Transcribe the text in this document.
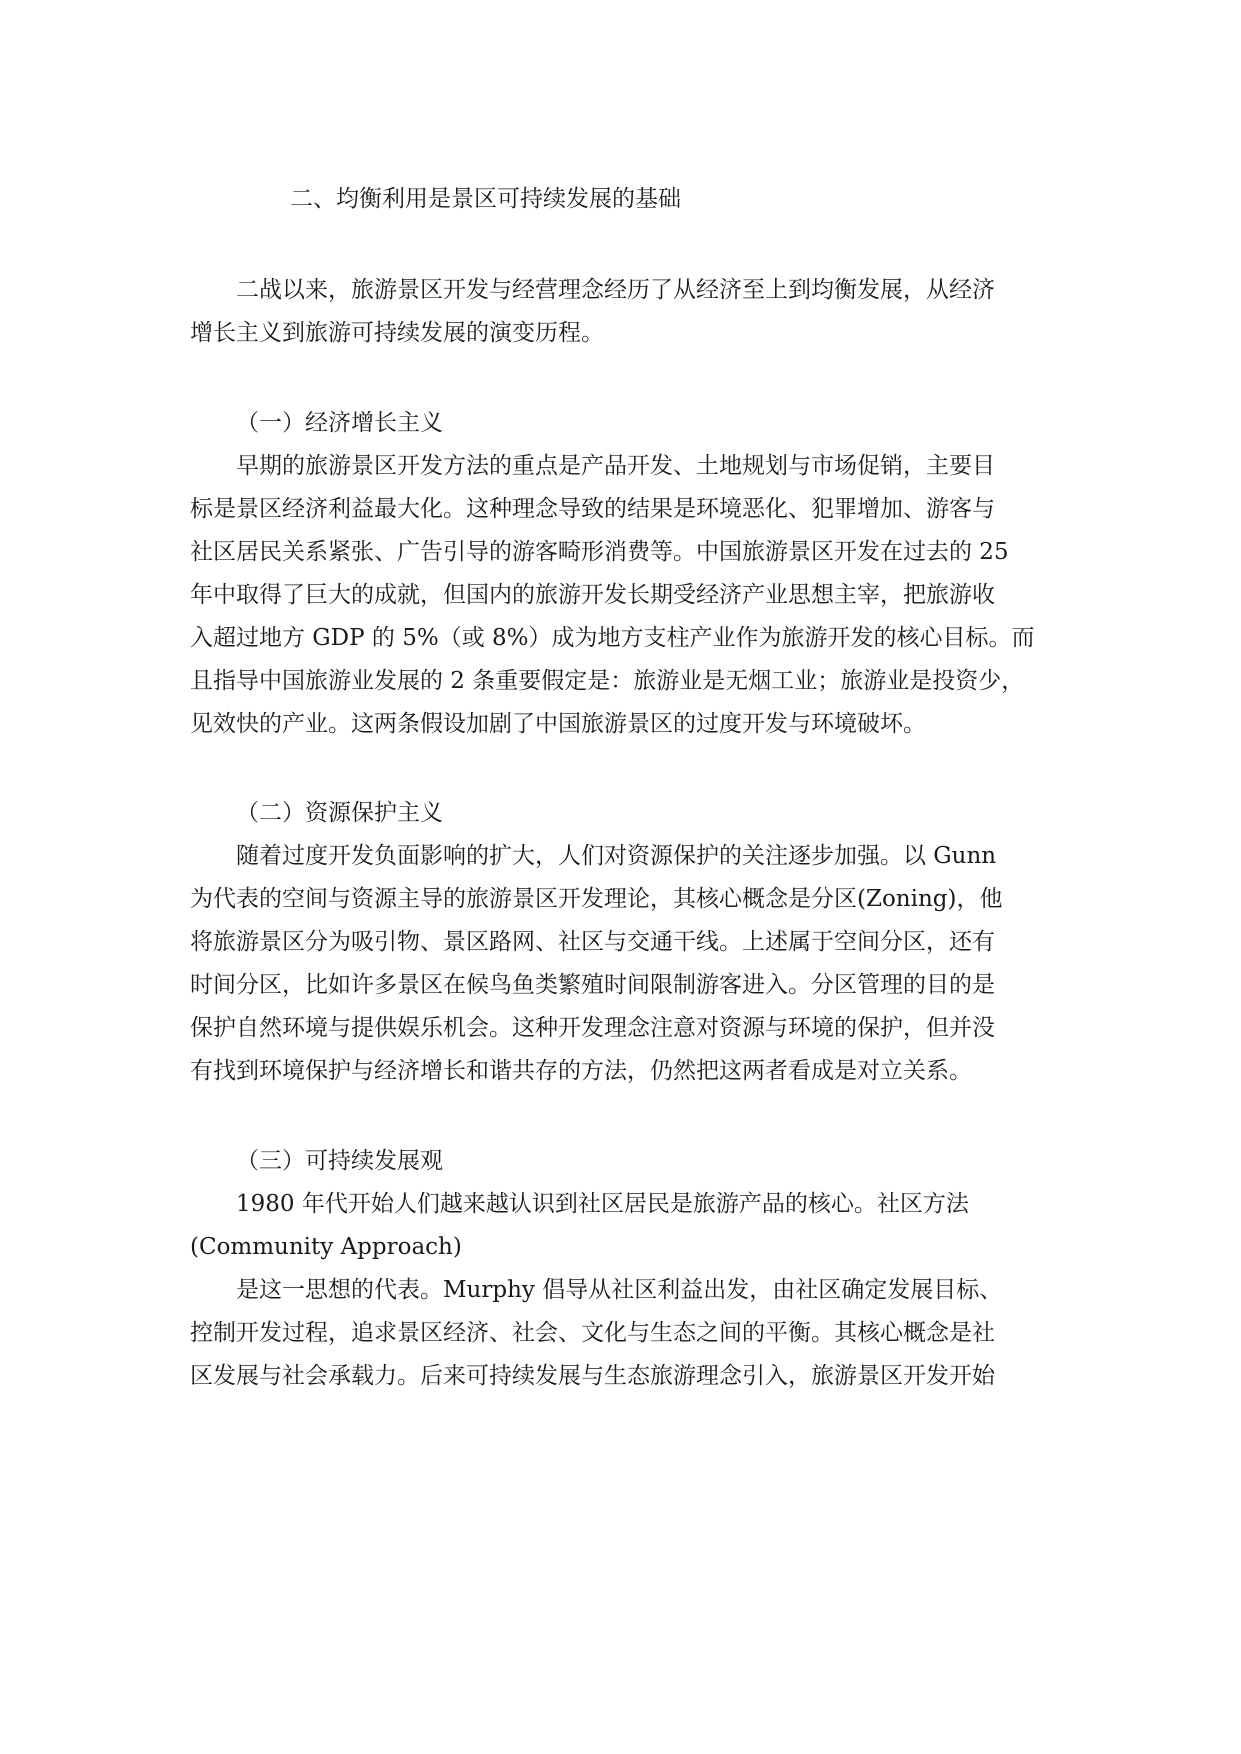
二、均衡利用是景区可持续发展的基础
二战以来，旅游景区开发与经营理念经历了从经济至上到均衡发展，从经济
增长主义到旅游可持续发展的演变历程。
（一）经济增长主义
早期的旅游景区开发方法的重点是产品开发、土地规划与市场促销，主要目
标是景区经济利益最大化。这种理念导致的结果是环境恶化、犯罪增加、游客与
社区居民关系紧张、广告引导的游客畸形消费等。中国旅游景区开发在过去的 25
年中取得了巨大的成就，但国内的旅游开发长期受经济产业思想主宰，把旅游收
入超过地方 GDP 的 5%（或 8%）成为地方支柱产业作为旅游开发的核心目标。而
且指导中国旅游业发展的 2 条重要假定是：旅游业是无烟工业；旅游业是投资少，
见效快的产业。这两条假设加剧了中国旅游景区的过度开发与环境破坏。
（二）资源保护主义
随着过度开发负面影响的扩大，人们对资源保护的关注逐步加强。以 Gunn
为代表的空间与资源主导的旅游景区开发理论，其核心概念是分区(Zoning)，他
将旅游景区分为吸引物、景区路网、社区与交通干线。上述属于空间分区，还有
时间分区，比如许多景区在候鸟鱼类繁殖时间限制游客进入。分区管理的目的是
保护自然环境与提供娱乐机会。这种开发理念注意对资源与环境的保护，但并没
有找到环境保护与经济增长和谐共存的方法，仍然把这两者看成是对立关系。
（三）可持续发展观
1980 年代开始人们越来越认识到社区居民是旅游产品的核心。社区方法
(Community Approach)
是这一思想的代表。Murphy 倡导从社区利益出发，由社区确定发展目标、
控制开发过程，追求景区经济、社会、文化与生态之间的平衡。其核心概念是社
区发展与社会承载力。后来可持续发展与生态旅游理念引入，旅游景区开发开始
